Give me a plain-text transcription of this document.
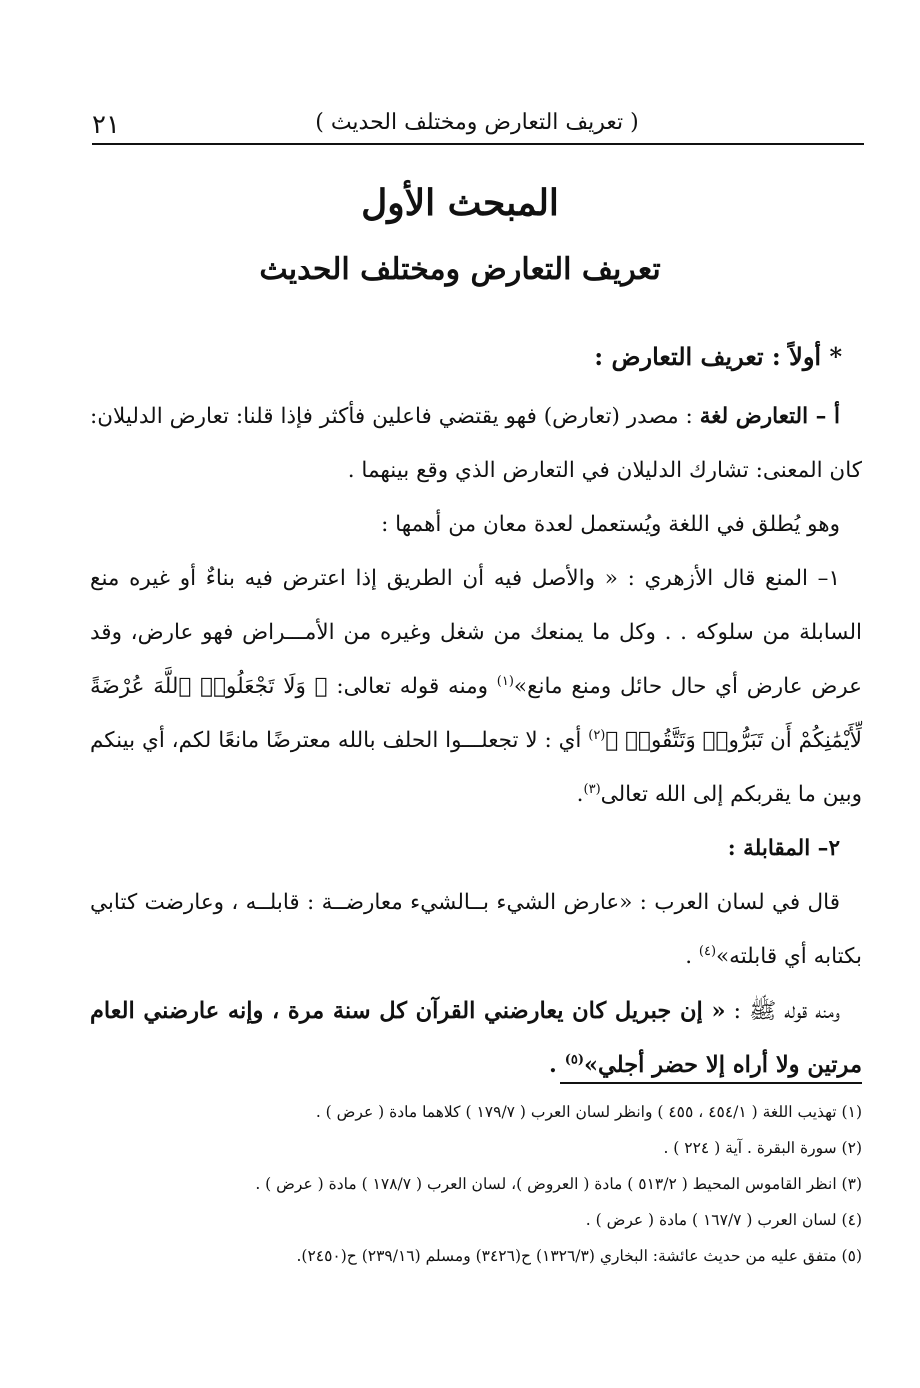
٢١	( تعريف التعارض ومختلف الحديث )
المبحث الأول
تعريف التعارض ومختلف الحديث

* أولاً : تعريف التعارض :

أ – التعارض لغة : مصدر (تعارض) فهو يقتضي فاعلين فأكثر فإذا قلنا: تعارض الدليلان: كان المعنى: تشارك الدليلان في التعارض الذي وقع بينهما .

وهو يُطلق في اللغة ويُستعمل لعدة معان من أهمها :

١– المنع قال الأزهري : « والأصل فيه أن الطريق إذا اعترض فيه بناءٌ أو غيره منع السابلة من سلوكه . . وكل ما يمنعك من شغل وغيره من الأمـــراض فهو عارض، وقد عرض عارض أي حال حائل ومنع مانع»$^{(١)}$ ومنه قوله تعالى: ﴿ وَلَا تَجْعَلُوا۟ ٱللَّهَ عُرْضَةً لِّأَيْمَٰنِكُمْ أَن تَبَرُّوا۟ وَتَتَّقُوا۟ ﴾$^{(٢)}$ أي : لا تجعلـــوا الحلف بالله معترضًا مانعًا لكم، أي بينكم وبين ما يقربكم إلى الله تعالى$^{(٣)}$.

٢– المقابلة :

قال في لسان العرب : «عارض الشيء بــالشيء معارضــة : قابلــه ، وعارضت كتابي بكتابه أي قابلته»$^{(٤)}$ .

ومنه قوله ﷺ : « إن جبريل كان يعارضني القرآن كل سنة مرة ، وإنه عارضني العام مرتين ولا أراه إلا حضر أجلي»$^{(٥)}$ .

(١) تهذيب اللغة ( ٤٥٤/١ ، ٤٥٥ ) وانظر لسان العرب ( ١٧٩/٧ ) كلاهما مادة ( عرض ) .

(٢) سورة البقرة . آية ( ٢٢٤ ) .

(٣) انظر القاموس المحيط ( ٥١٣/٢ ) مادة ( العروض )، لسان العرب ( ١٧٨/٧ ) مادة ( عرض ) .

(٤) لسان العرب ( ١٦٧/٧ ) مادة ( عرض ) .

(٥) متفق عليه من حديث عائشة: البخاري (١٣٢٦/٣) ح(٣٤٢٦) ومسلم (٢٣٩/١٦) ح(٢٤٥٠).
